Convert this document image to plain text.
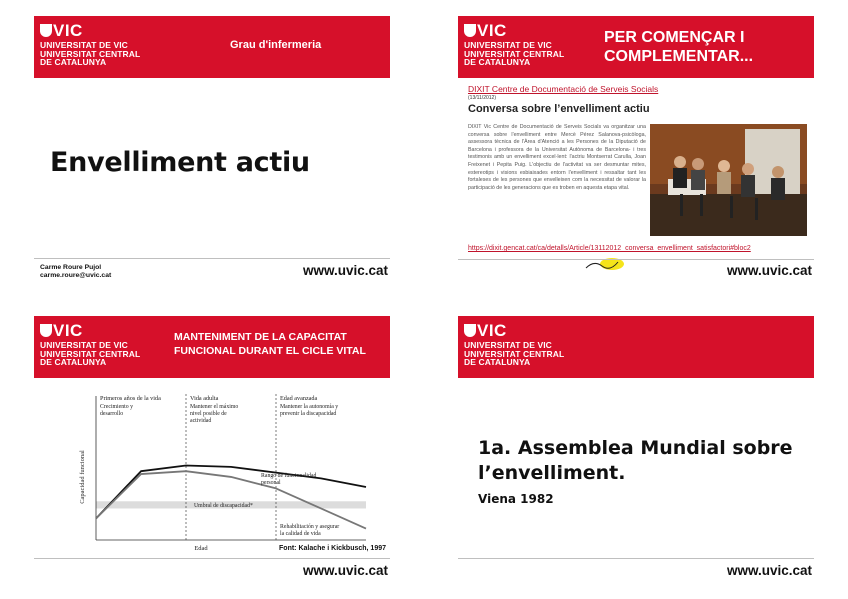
VIC
UNIVERSITAT DE VIC
UNIVERSITAT CENTRAL
DE CATALUNYA
Grau d'infermeria
Envelliment actiu
Carme Roure Pujol
carme.roure@uvic.cat	www.uvic.cat
VIC
UNIVERSITAT DE VIC
UNIVERSITAT CENTRAL
DE CATALUNYA
PER COMENÇAR I
COMPLEMENTAR...
DIXIT Centre de Documentació de Serveis Socials
(13/11/2012)
Conversa sobre l’envelliment actiu
DIXIT Vic Centre de Documentació de Serveis Socials va organitzar una conversa sobre l'envelliment entre Mercè Pérez Salanova-psicòloga, assessora tècnica de l'Àrea d'Atenció a les Persones de la Diputació de Barcelona i professora de la Universitat Autònoma de Barcelona- i tres testimonis amb un envelliment excel·lent: l'actriu Montserrat Carulla, Joan Freixenet i Pepita Puig. L'objectiu de l'activitat va ser desmuntar mites, estereotips i visions esbiaixades entorn l'envelliment i ressaltar tant les fortaleses de les persones que envelleixen com la necessitat de valorar la participació de les generacions que es troben en aquesta etapa vital.
https://dixit.gencat.cat/ca/detalls/Article/13112012_conversa_envelliment_satisfactori#bloc2
www.uvic.cat
VIC
UNIVERSITAT DE VIC
UNIVERSITAT CENTRAL
DE CATALUNYA
MANTENIMENT DE LA CAPACITAT
FUNCIONAL DURANT EL CICLE VITAL
Primeros años de la vida
Crecimiento y
desarrollo
Vida adulta
Mantener el máximo
nivel posible de
actividad
Edad avanzada
Mantener la autonomía y
prevenir la discapacidad
Rango de funcionalidad
personal
Umbral de discapacidad*
Rehabilitación y asegurar
la calidad de vida
Capacidad funcional
Edad	Font: Kalache i Kickbusch, 1997
www.uvic.cat
VIC
UNIVERSITAT DE VIC
UNIVERSITAT CENTRAL
DE CATALUNYA
1a. Assemblea Mundial sobre
l’envelliment.
Viena 1982
www.uvic.cat
